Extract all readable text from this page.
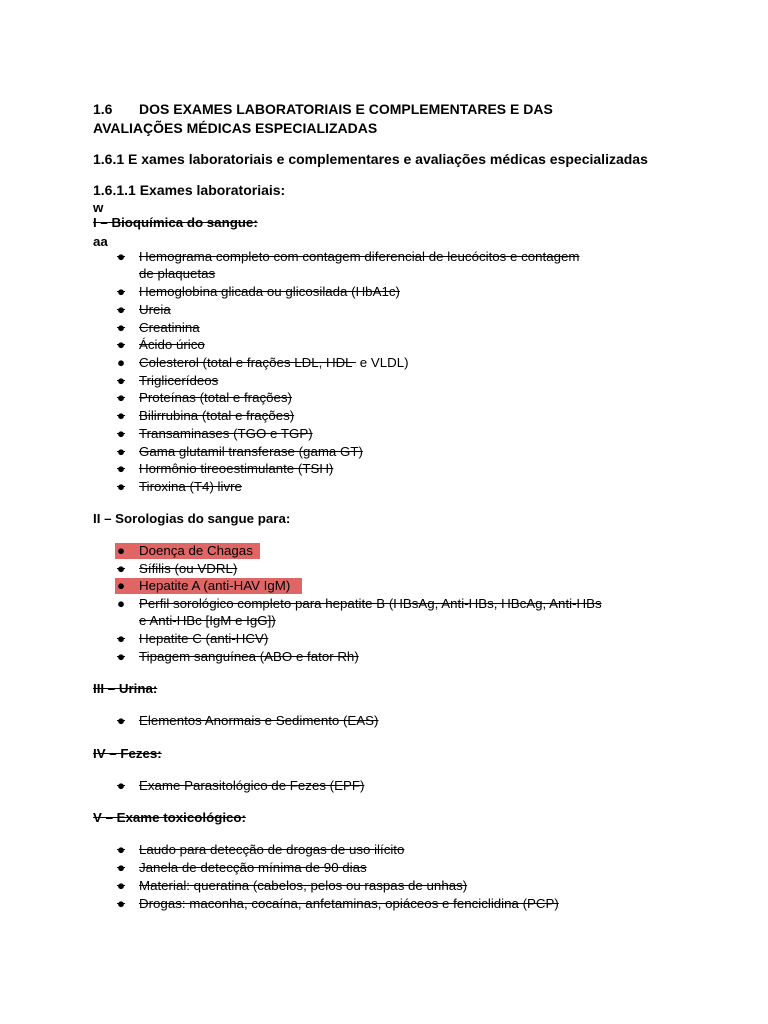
1.6 DOS EXAMES LABORATORIAIS E COMPLEMENTARES E DAS
AVALIAÇÕES MÉDICAS ESPECIALIZADAS
1.6.1 E xames laboratoriais e complementares e avaliações médicas especializadas
1.6.1.1 Exames laboratoriais:
w
I – Bioquímica do sangue:
aa
● Hemograma completo com contagem diferencial de leucócitos e contagem
de plaquetas
● Hemoglobina glicada ou glicosilada (HbA1c)
● Ureia
● Creatinina
● Ácido úrico
● Colesterol (total e frações LDL, HDL e VLDL)
● Triglicerídeos
● Proteínas (total e frações)
● Bilirrubina (total e frações)
● Transaminases (TGO e TGP)
● Gama glutamil transferase (gama GT)
● Hormônio tireoestimulante (TSH)
● Tiroxina (T4) livre
II – Sorologias do sangue para:
● Doença de Chagas
● Sífilis (ou VDRL)
● Hepatite A (anti-HAV IgM)
● Perfil sorológico completo para hepatite B (HBsAg, Anti-HBs, HBcAg, Anti-HBs
e Anti-HBc [IgM e IgG])
● Hepatite C (anti-HCV)
● Tipagem sanguínea (ABO e fator Rh)
III – Urina:
● Elementos Anormais e Sedimento (EAS)
IV – Fezes:
● Exame Parasitológico de Fezes (EPF)
V – Exame toxicológico:
● Laudo para detecção de drogas de uso ilícito
● Janela de detecção mínima de 90 dias
● Material: queratina (cabelos, pelos ou raspas de unhas)
● Drogas: maconha, cocaína, anfetaminas, opiáceos e fenciclidina (PCP)
